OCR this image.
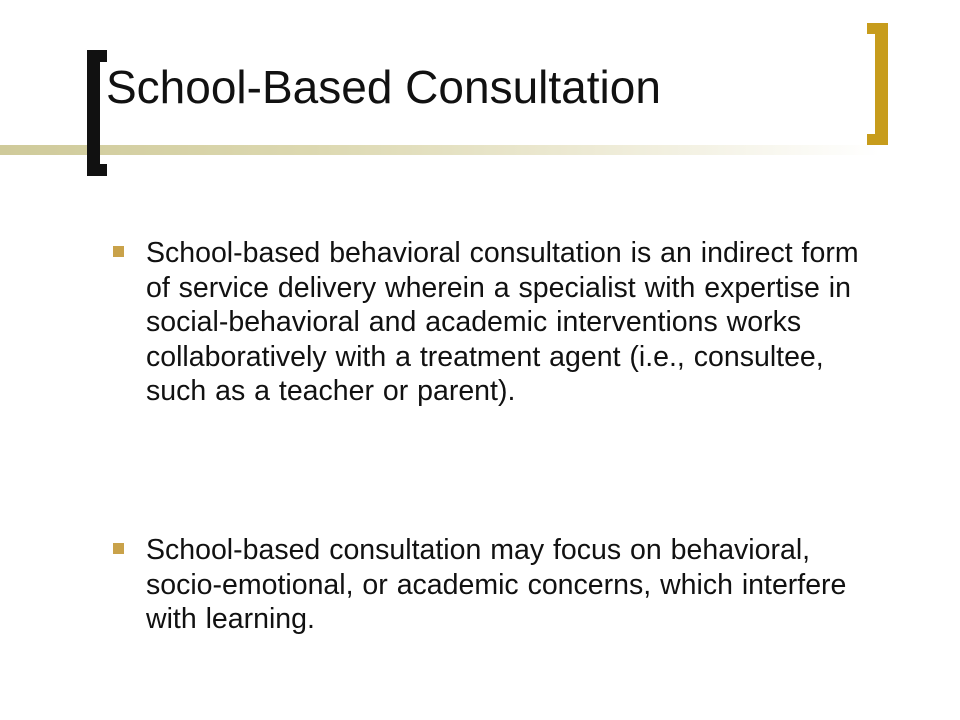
School-Based Consultation

School-based behavioral consultation is an indirect form of service delivery wherein a specialist with expertise in social-behavioral and academic interventions works collaboratively with a treatment agent (i.e., consultee, such as a teacher or parent).

School-based consultation may focus on behavioral, socio-emotional, or academic concerns, which interfere with learning.
